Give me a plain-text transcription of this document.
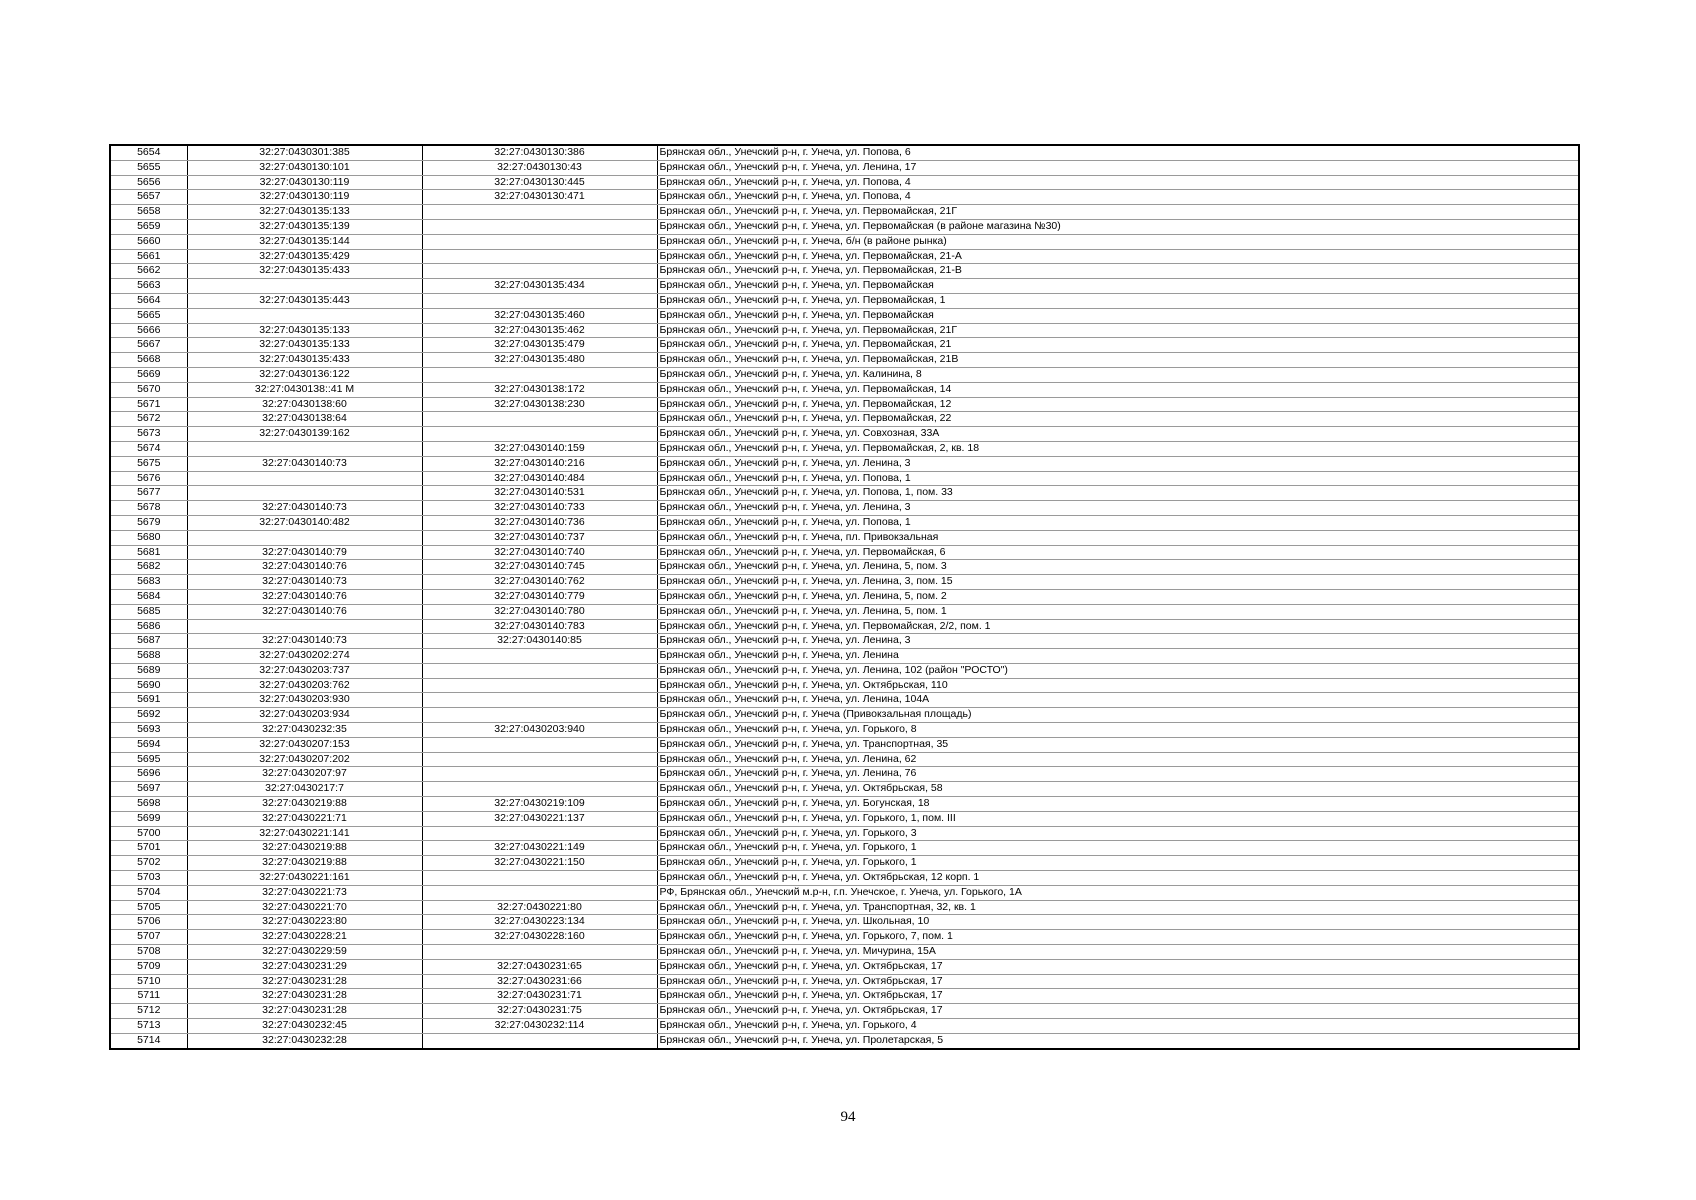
5654	32:27:0430301:385	32:27:0430130:386	Брянская обл., Унечский р-н, г. Унеча, ул. Попова, 6
5655	32:27:0430130:101	32:27:0430130:43	Брянская обл., Унечский р-н, г. Унеча, ул. Ленина, 17
5656	32:27:0430130:119	32:27:0430130:445	Брянская обл., Унечский р-н, г. Унеча, ул. Попова, 4
5657	32:27:0430130:119	32:27:0430130:471	Брянская обл., Унечский р-н, г. Унеча, ул. Попова, 4
5658	32:27:0430135:133		Брянская обл., Унечский р-н, г. Унеча, ул. Первомайская, 21Г
5659	32:27:0430135:139		Брянская обл., Унечский р-н, г. Унеча, ул. Первомайская (в районе магазина №30)
5660	32:27:0430135:144		Брянская обл., Унечский р-н, г. Унеча, б/н (в районе рынка)
5661	32:27:0430135:429		Брянская обл., Унечский р-н, г. Унеча, ул. Первомайская, 21-А
5662	32:27:0430135:433		Брянская обл., Унечский р-н, г. Унеча, ул. Первомайская, 21-В
5663		32:27:0430135:434	Брянская обл., Унечский р-н, г. Унеча, ул. Первомайская
5664	32:27:0430135:443		Брянская обл., Унечский р-н, г. Унеча, ул. Первомайская, 1
5665		32:27:0430135:460	Брянская обл., Унечский р-н, г. Унеча, ул. Первомайская
5666	32:27:0430135:133	32:27:0430135:462	Брянская обл., Унечский р-н, г. Унеча, ул. Первомайская, 21Г
5667	32:27:0430135:133	32:27:0430135:479	Брянская обл., Унечский р-н, г. Унеча, ул. Первомайская, 21
5668	32:27:0430135:433	32:27:0430135:480	Брянская обл., Унечский р-н, г. Унеча, ул. Первомайская, 21В
5669	32:27:0430136:122		Брянская обл., Унечский р-н, г. Унеча, ул. Калинина, 8
5670	32:27:0430138::41 М	32:27:0430138:172	Брянская обл., Унечский р-н, г. Унеча, ул. Первомайская, 14
5671	32:27:0430138:60	32:27:0430138:230	Брянская обл., Унечский р-н, г. Унеча, ул. Первомайская, 12
5672	32:27:0430138:64		Брянская обл., Унечский р-н, г. Унеча, ул. Первомайская, 22
5673	32:27:0430139:162		Брянская обл., Унечский р-н, г. Унеча, ул. Совхозная, 33А
5674		32:27:0430140:159	Брянская обл., Унечский р-н, г. Унеча, ул. Первомайская, 2, кв. 18
5675	32:27:0430140:73	32:27:0430140:216	Брянская обл., Унечский р-н, г. Унеча, ул. Ленина, 3
5676		32:27:0430140:484	Брянская обл., Унечский р-н, г. Унеча, ул. Попова, 1
5677		32:27:0430140:531	Брянская обл., Унечский р-н, г. Унеча, ул. Попова, 1, пом. 33
5678	32:27:0430140:73	32:27:0430140:733	Брянская обл., Унечский р-н, г. Унеча, ул. Ленина, 3
5679	32:27:0430140:482	32:27:0430140:736	Брянская обл., Унечский р-н, г. Унеча, ул. Попова, 1
5680		32:27:0430140:737	Брянская обл., Унечский р-н, г. Унеча, пл. Привокзальная
5681	32:27:0430140:79	32:27:0430140:740	Брянская обл., Унечский р-н, г. Унеча, ул. Первомайская, 6
5682	32:27:0430140:76	32:27:0430140:745	Брянская обл., Унечский р-н, г. Унеча, ул. Ленина, 5, пом. 3
5683	32:27:0430140:73	32:27:0430140:762	Брянская обл., Унечский р-н, г. Унеча, ул. Ленина, 3, пом. 15
5684	32:27:0430140:76	32:27:0430140:779	Брянская обл., Унечский р-н, г. Унеча, ул. Ленина, 5, пом. 2
5685	32:27:0430140:76	32:27:0430140:780	Брянская обл., Унечский р-н, г. Унеча, ул. Ленина, 5, пом. 1
5686		32:27:0430140:783	Брянская обл., Унечский р-н, г. Унеча, ул. Первомайская, 2/2, пом. 1
5687	32:27:0430140:73	32:27:0430140:85	Брянская обл., Унечский р-н, г. Унеча, ул. Ленина, 3
5688	32:27:0430202:274		Брянская обл., Унечский р-н, г. Унеча, ул. Ленина
5689	32:27:0430203:737		Брянская обл., Унечский р-н, г. Унеча, ул. Ленина, 102 (район "РОСТО")
5690	32:27:0430203:762		Брянская обл., Унечский р-н, г. Унеча, ул. Октябрьская, 110
5691	32:27:0430203:930		Брянская обл., Унечский р-н, г. Унеча, ул. Ленина, 104А
5692	32:27:0430203:934		Брянская обл., Унечский р-н, г. Унеча (Привокзальная площадь)
5693	32:27:0430232:35	32:27:0430203:940	Брянская обл., Унечский р-н, г. Унеча, ул. Горького, 8
5694	32:27:0430207:153		Брянская обл., Унечский р-н, г. Унеча, ул. Транспортная, 35
5695	32:27:0430207:202		Брянская обл., Унечский р-н, г. Унеча, ул. Ленина, 62
5696	32:27:0430207:97		Брянская обл., Унечский р-н, г. Унеча, ул. Ленина, 76
5697	32:27:0430217:7		Брянская обл., Унечский р-н, г. Унеча, ул. Октябрьская, 58
5698	32:27:0430219:88	32:27:0430219:109	Брянская обл., Унечский р-н, г. Унеча, ул. Богунская, 18
5699	32:27:0430221:71	32:27:0430221:137	Брянская обл., Унечский р-н, г. Унеча, ул. Горького, 1, пом. III
5700	32:27:0430221:141		Брянская обл., Унечский р-н, г. Унеча, ул. Горького, 3
5701	32:27:0430219:88	32:27:0430221:149	Брянская обл., Унечский р-н, г. Унеча, ул. Горького, 1
5702	32:27:0430219:88	32:27:0430221:150	Брянская обл., Унечский р-н, г. Унеча, ул. Горького, 1
5703	32:27:0430221:161		Брянская обл., Унечский р-н, г. Унеча, ул. Октябрьская, 12 корп. 1
5704	32:27:0430221:73		РФ, Брянская обл., Унечский м.р-н, г.п. Унечское, г. Унеча, ул. Горького, 1А
5705	32:27:0430221:70	32:27:0430221:80	Брянская обл., Унечский р-н, г. Унеча, ул. Транспортная, 32, кв. 1
5706	32:27:0430223:80	32:27:0430223:134	Брянская обл., Унечский р-н, г. Унеча, ул. Школьная, 10
5707	32:27:0430228:21	32:27:0430228:160	Брянская обл., Унечский р-н, г. Унеча, ул. Горького, 7, пом. 1
5708	32:27:0430229:59		Брянская обл., Унечский р-н, г. Унеча, ул. Мичурина, 15А
5709	32:27:0430231:29	32:27:0430231:65	Брянская обл., Унечский р-н, г. Унеча, ул. Октябрьская, 17
5710	32:27:0430231:28	32:27:0430231:66	Брянская обл., Унечский р-н, г. Унеча, ул. Октябрьская, 17
5711	32:27:0430231:28	32:27:0430231:71	Брянская обл., Унечский р-н, г. Унеча, ул. Октябрьская, 17
5712	32:27:0430231:28	32:27:0430231:75	Брянская обл., Унечский р-н, г. Унеча, ул. Октябрьская, 17
5713	32:27:0430232:45	32:27:0430232:114	Брянская обл., Унечский р-н, г. Унеча, ул. Горького, 4
5714	32:27:0430232:28		Брянская обл., Унечский р-н, г. Унеча, ул. Пролетарская, 5
94
